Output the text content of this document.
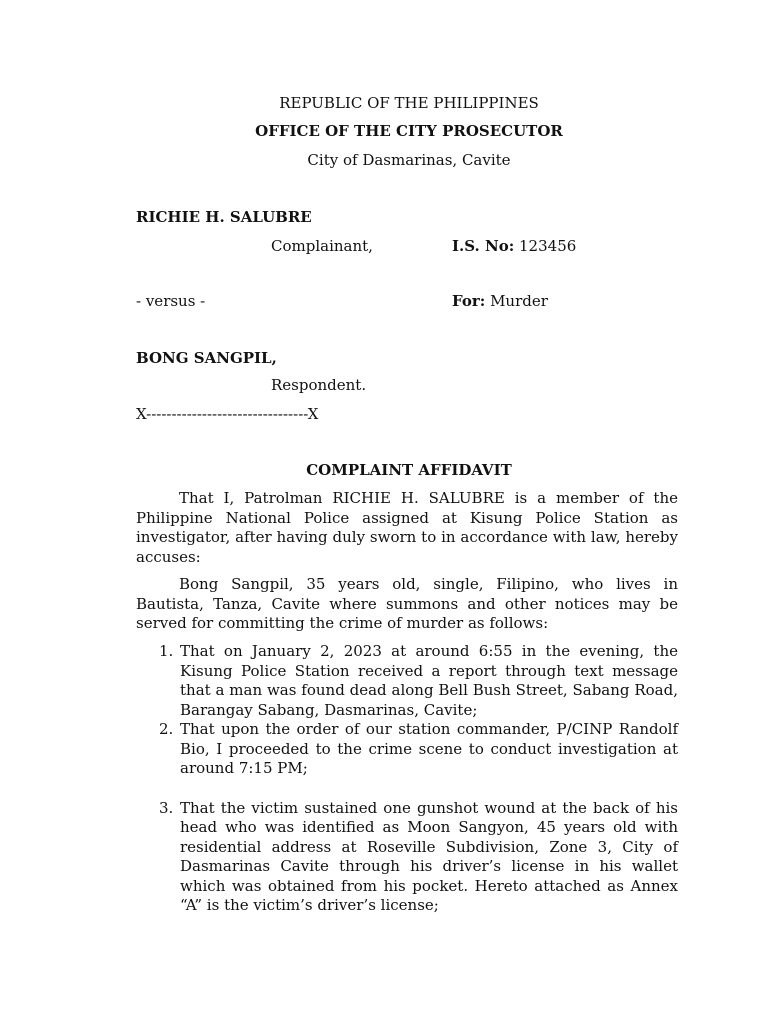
REPUBLIC OF THE PHILIPPINES
OFFICE OF THE CITY PROSECUTOR
City of Dasmarinas, Cavite
RICHIE H. SALUBRE
Complainant,	I.S. No: 123456
- versus -	For: Murder
BONG SANGPIL,
Respondent.
X--------------------------------X
COMPLAINT AFFIDAVIT
That I, Patrolman RICHIE H. SALUBRE is a member of the Philippine National Police assigned at Kisung Police Station as investigator, after having duly sworn to in accordance with law, hereby accuses:
Bong Sangpil, 35 years old, single, Filipino, who lives in Bautista, Tanza, Cavite where summons and other notices may be served for committing the crime of murder as follows:
1. That on January 2, 2023 at around 6:55 in the evening, the Kisung Police Station received a report through text message that a man was found dead along Bell Bush Street, Sabang Road, Barangay Sabang, Dasmarinas, Cavite;
2. That upon the order of our station commander, P/CINP Randolf Bio, I proceeded to the crime scene to conduct investigation at around 7:15 PM;
3. That the victim sustained one gunshot wound at the back of his head who was identified as Moon Sangyon, 45 years old with residential address at Roseville Subdivision, Zone 3, City of Dasmarinas Cavite through his driver’s license in his wallet which was obtained from his pocket. Hereto attached as Annex “A” is the victim’s driver’s license;
